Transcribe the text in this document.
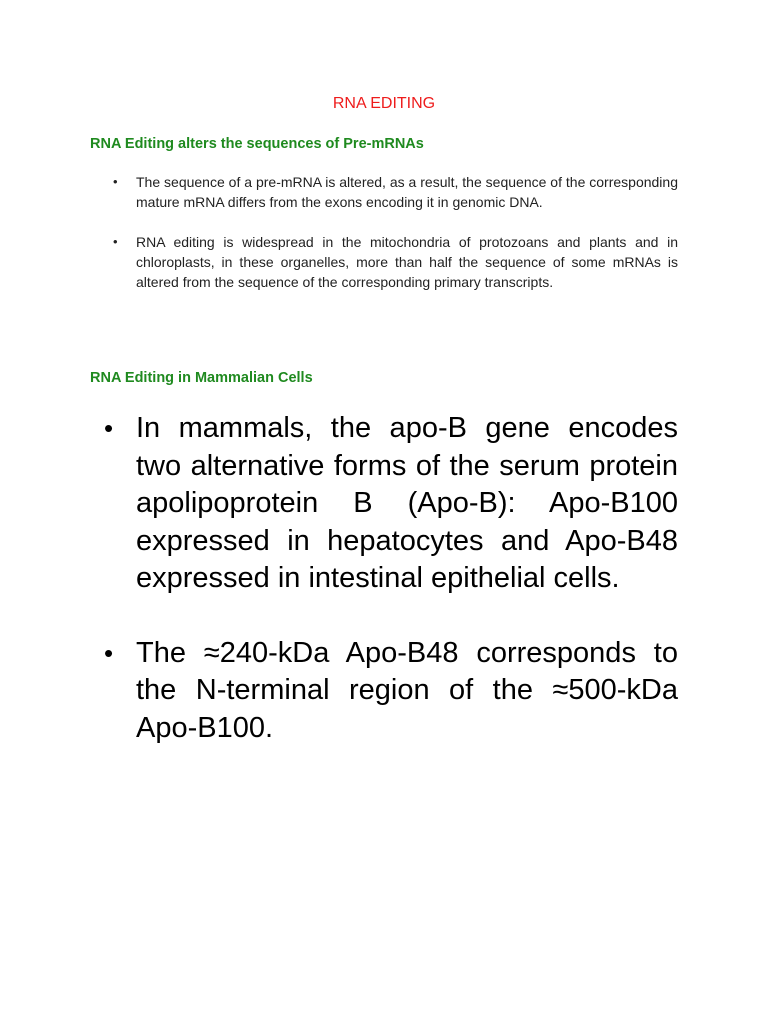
RNA EDITING
RNA Editing alters the sequences of Pre-mRNAs
• The sequence of a pre-mRNA is altered, as a result, the sequence of the corresponding mature mRNA differs from the exons encoding it in genomic DNA.
• RNA editing is widespread in the mitochondria of protozoans and plants and in chloroplasts, in these organelles, more than half the sequence of some mRNAs is altered from the sequence of the corresponding primary transcripts.
RNA Editing in Mammalian Cells
• In mammals, the apo-B gene encodes two alternative forms of the serum protein apolipoprotein B (Apo-B): Apo-B100 expressed in hepatocytes and Apo-B48 expressed in intestinal epithelial cells.
• The ≈240-kDa Apo-B48 corresponds to the N-terminal region of the ≈500-kDa Apo-B100.
